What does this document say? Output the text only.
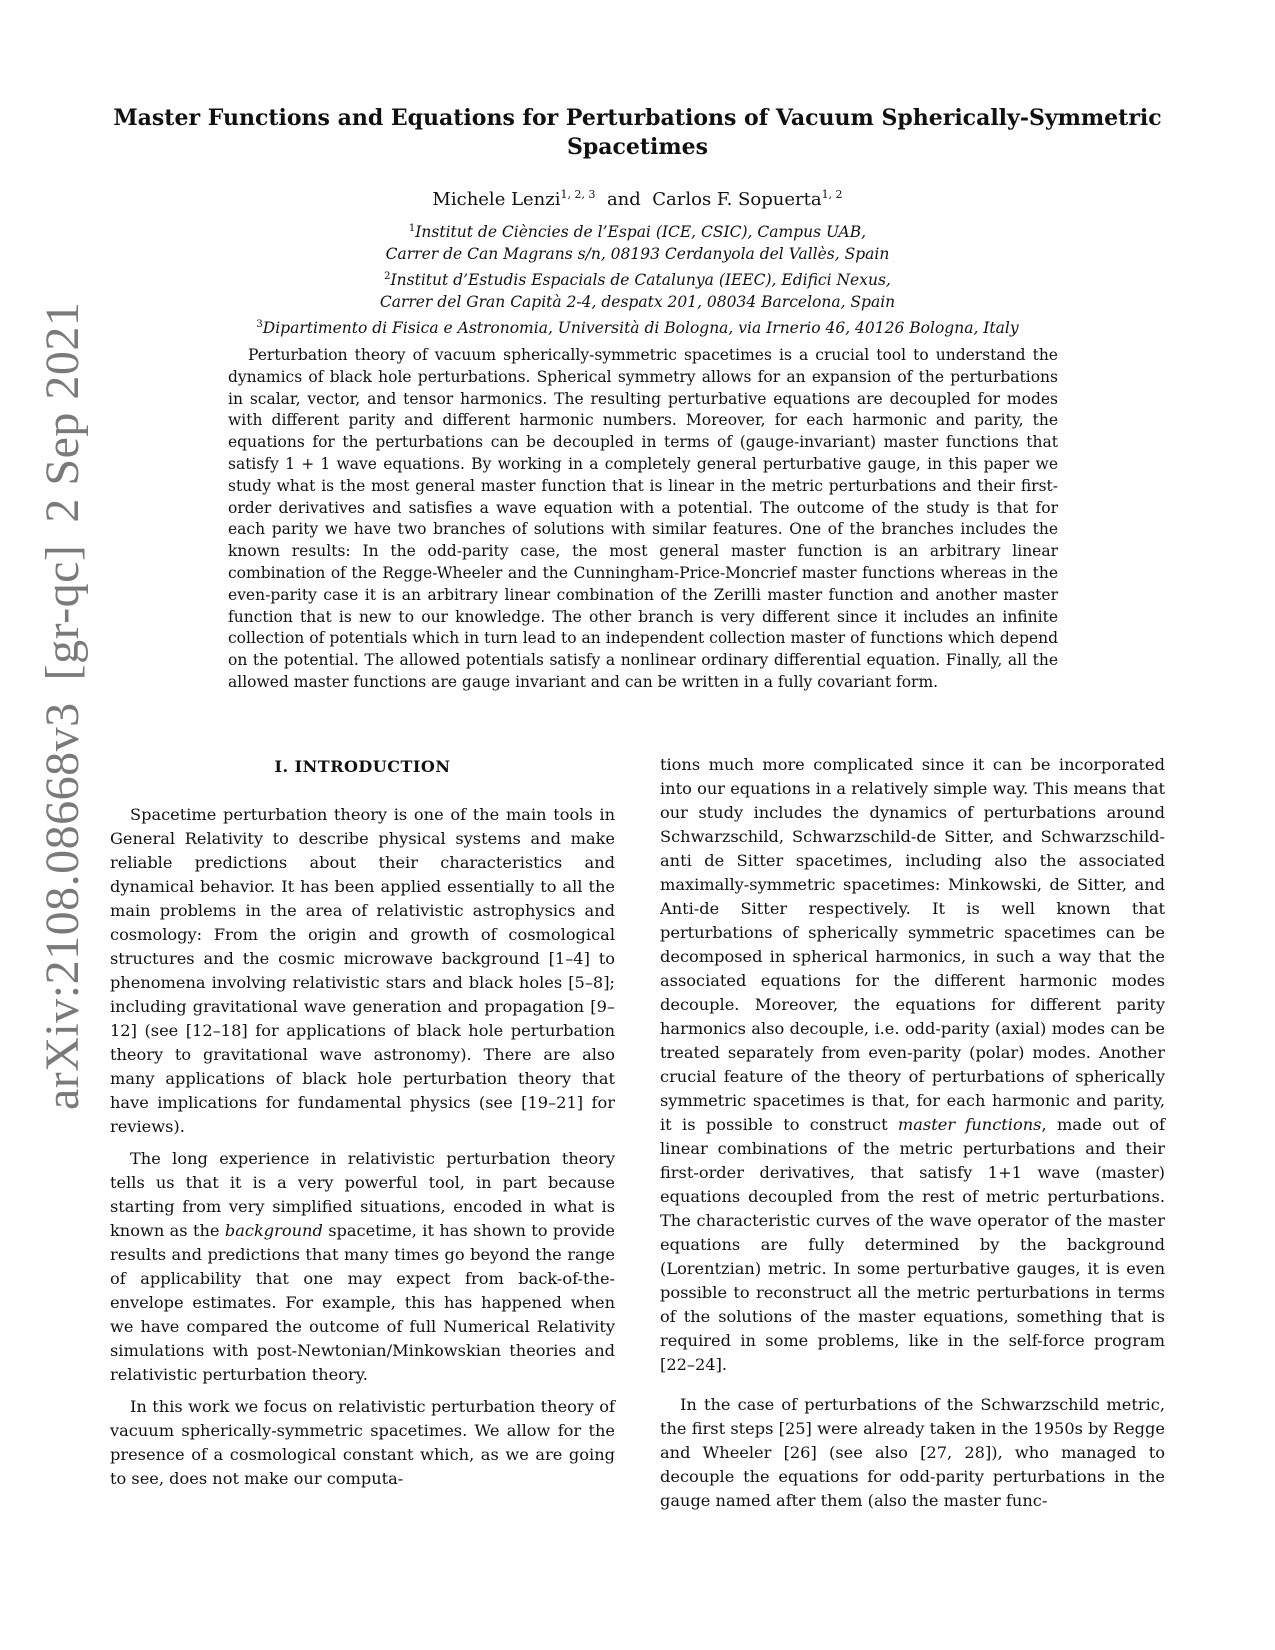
arXiv:2108.08668v3[gr-qc]2 Sep 2021
Master Functions and Equations for Perturbations of Vacuum Spherically-Symmetric Spacetimes
Michele Lenzi$^{1, 2, 3}$ and Carlos F. Sopuerta$^{1, 2}$
$^1$Institut de Ciències de l’Espai (ICE, CSIC), Campus UAB,
Carrer de Can Magrans s/n, 08193 Cerdanyola del Vallès, Spain
$^2$Institut d’Estudis Espacials de Catalunya (IEEC), Edifici Nexus,
Carrer del Gran Capità 2-4, despatx 201, 08034 Barcelona, Spain
$^3$Dipartimento di Fisica e Astronomia, Università di Bologna, via Irnerio 46, 40126 Bologna, Italy
Perturbation theory of vacuum spherically-symmetric spacetimes is a crucial tool to understand the dynamics of black hole perturbations. Spherical symmetry allows for an expansion of the perturbations in scalar, vector, and tensor harmonics. The resulting perturbative equations are decoupled for modes with different parity and different harmonic numbers. Moreover, for each harmonic and parity, the equations for the perturbations can be decoupled in terms of (gauge-invariant) master functions that satisfy 1 + 1 wave equations. By working in a completely general perturbative gauge, in this paper we study what is the most general master function that is linear in the metric perturbations and their first-order derivatives and satisfies a wave equation with a potential. The outcome of the study is that for each parity we have two branches of solutions with similar features. One of the branches includes the known results: In the odd-parity case, the most general master function is an arbitrary linear combination of the Regge-Wheeler and the Cunningham-Price-Moncrief master functions whereas in the even-parity case it is an arbitrary linear combination of the Zerilli master function and another master function that is new to our knowledge. The other branch is very different since it includes an infinite collection of potentials which in turn lead to an independent collection master of functions which depend on the potential. The allowed potentials satisfy a nonlinear ordinary differential equation. Finally, all the allowed master functions are gauge invariant and can be written in a fully covariant form.
I. INTRODUCTION

Spacetime perturbation theory is one of the main tools in General Relativity to describe physical systems and make reliable predictions about their characteristics and dynamical behavior. It has been applied essentially to all the main problems in the area of relativistic astrophysics and cosmology: From the origin and growth of cosmological structures and the cosmic microwave background [1–4] to phenomena involving relativistic stars and black holes [5–8]; including gravitational wave generation and propagation [9–12] (see [12–18] for applications of black hole perturbation theory to gravitational wave astronomy). There are also many applications of black hole perturbation theory that have implications for fundamental physics (see [19–21] for reviews).

The long experience in relativistic perturbation theory tells us that it is a very powerful tool, in part because starting from very simplified situations, encoded in what is known as the background spacetime, it has shown to provide results and predictions that many times go beyond the range of applicability that one may expect from back-of-the-envelope estimates. For example, this has happened when we have compared the outcome of full Numerical Relativity simulations with post-Newtonian/Minkowskian theories and relativistic perturbation theory.

In this work we focus on relativistic perturbation theory of vacuum spherically-symmetric spacetimes. We allow for the presence of a cosmological constant which, as we are going to see, does not make our computa-

tions much more complicated since it can be incorporated into our equations in a relatively simple way. This means that our study includes the dynamics of perturbations around Schwarzschild, Schwarzschild-de Sitter, and Schwarzschild-anti de Sitter spacetimes, including also the associated maximally-symmetric spacetimes: Minkowski, de Sitter, and Anti-de Sitter respectively. It is well known that perturbations of spherically symmetric spacetimes can be decomposed in spherical harmonics, in such a way that the associated equations for the different harmonic modes decouple. Moreover, the equations for different parity harmonics also decouple, i.e. odd-parity (axial) modes can be treated separately from even-parity (polar) modes. Another crucial feature of the theory of perturbations of spherically symmetric spacetimes is that, for each harmonic and parity, it is possible to construct master functions, made out of linear combinations of the metric perturbations and their first-order derivatives, that satisfy 1+1 wave (master) equations decoupled from the rest of metric perturbations. The characteristic curves of the wave operator of the master equations are fully determined by the background (Lorentzian) metric. In some perturbative gauges, it is even possible to reconstruct all the metric perturbations in terms of the solutions of the master equations, something that is required in some problems, like in the self-force program [22–24].

In the case of perturbations of the Schwarzschild metric, the first steps [25] were already taken in the 1950s by Regge and Wheeler [26] (see also [27, 28]), who managed to decouple the equations for odd-parity perturbations in the gauge named after them (also the master func-
